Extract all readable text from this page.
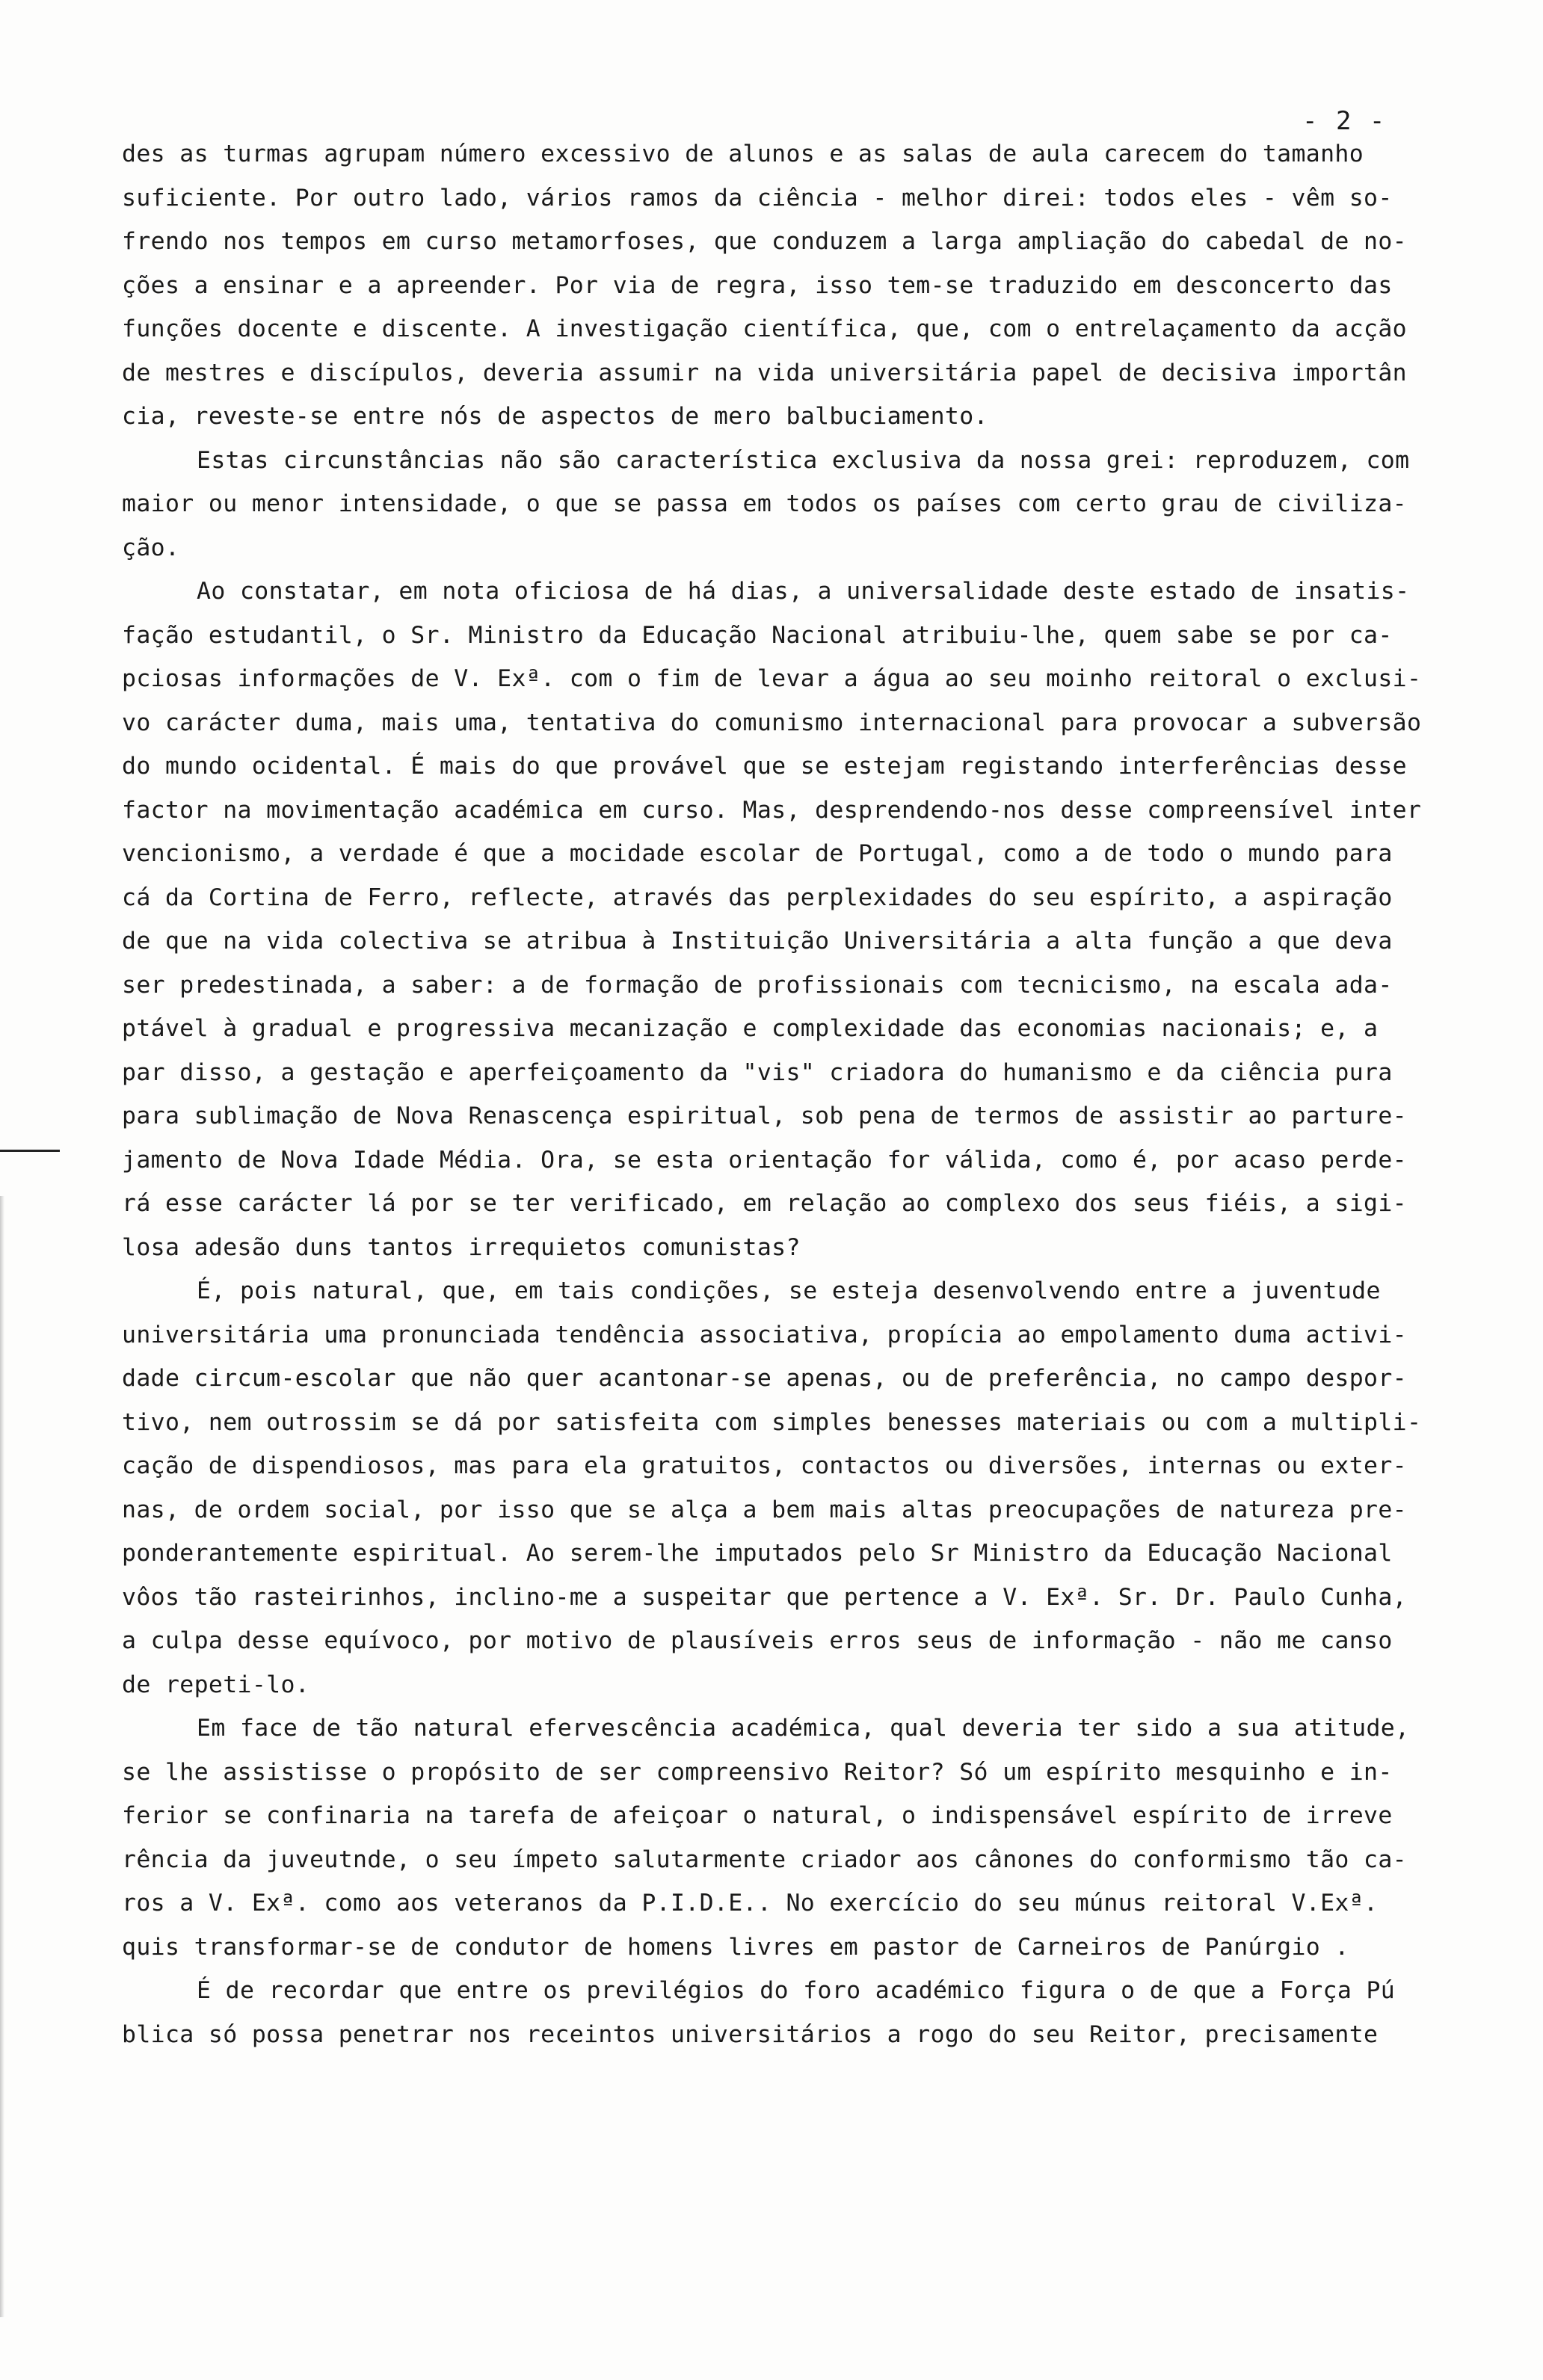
- 2 -
des as turmas agrupam número excessivo de alunos e as salas de aula carecem do tamanho
suficiente. Por outro lado, vários ramos da ciência - melhor direi: todos eles - vêm so-
frendo nos tempos em curso metamorfoses, que conduzem a larga ampliação do cabedal de no-
ções a ensinar e a apreender. Por via de regra, isso tem-se traduzido em desconcerto das
funções docente e discente. A investigação científica, que, com o entrelaçamento da acção
de mestres e discípulos, deveria assumir na vida universitária papel de decisiva importân
cia, reveste-se entre nós de aspectos de mero balbuciamento.
Estas circunstâncias não são característica exclusiva da nossa grei: reproduzem, com
maior ou menor intensidade, o que se passa em todos os países com certo grau de civiliza-
ção.
Ao constatar, em nota oficiosa de há dias, a universalidade deste estado de insatis-
fação estudantil, o Sr. Ministro da Educação Nacional atribuiu-lhe, quem sabe se por ca-
pciosas informações de V. Exª. com o fim de levar a água ao seu moinho reitoral o exclusi-
vo carácter duma, mais uma, tentativa do comunismo internacional para provocar a subversão
do mundo ocidental. É mais do que provável que se estejam registando interferências desse
factor na movimentação académica em curso. Mas, desprendendo-nos desse compreensível inter
vencionismo, a verdade é que a mocidade escolar de Portugal, como a de todo o mundo para
cá da Cortina de Ferro, reflecte, através das perplexidades do seu espírito, a aspiração
de que na vida colectiva se atribua à Instituição Universitária a alta função a que deva
ser predestinada, a saber: a de formação de profissionais com tecnicismo, na escala ada-
ptável à gradual e progressiva mecanização e complexidade das economias nacionais; e, a
par disso, a gestação e aperfeiçoamento da "vis" criadora do humanismo e da ciência pura
para sublimação de Nova Renascença espiritual, sob pena de termos de assistir ao parture-
jamento de Nova Idade Média. Ora, se esta orientação for válida, como é, por acaso perde-
rá esse carácter lá por se ter verificado, em relação ao complexo dos seus fiéis, a sigi-
losa adesão duns tantos irrequietos comunistas?
É, pois natural, que, em tais condições, se esteja desenvolvendo entre a juventude
universitária uma pronunciada tendência associativa, propícia ao empolamento duma activi-
dade circum-escolar que não quer acantonar-se apenas, ou de preferência, no campo despor-
tivo, nem outrossim se dá por satisfeita com simples benesses materiais ou com a multipli-
cação de dispendiosos, mas para ela gratuitos, contactos ou diversões, internas ou exter-
nas, de ordem social, por isso que se alça a bem mais altas preocupações de natureza pre-
ponderantemente espiritual. Ao serem-lhe imputados pelo Sr Ministro da Educação Nacional
vôos tão rasteirinhos, inclino-me a suspeitar que pertence a V. Exª. Sr. Dr. Paulo Cunha,
a culpa desse equívoco, por motivo de plausíveis erros seus de informação - não me canso
de repeti-lo.
Em face de tão natural efervescência académica, qual deveria ter sido a sua atitude,
se lhe assistisse o propósito de ser compreensivo Reitor? Só um espírito mesquinho e in-
ferior se confinaria na tarefa de afeiçoar o natural, o indispensável espírito de irreve
rência da juveutnde, o seu ímpeto salutarmente criador aos cânones do conformismo tão ca-
ros a V. Exª. como aos veteranos da P.I.D.E.. No exercício do seu múnus reitoral V.Exª.
quis transformar-se de condutor de homens livres em pastor de Carneiros de Panúrgio .
É de recordar que entre os previlégios do foro académico figura o de que a Força Pú
blica só possa penetrar nos receintos universitários a rogo do seu Reitor, precisamente
